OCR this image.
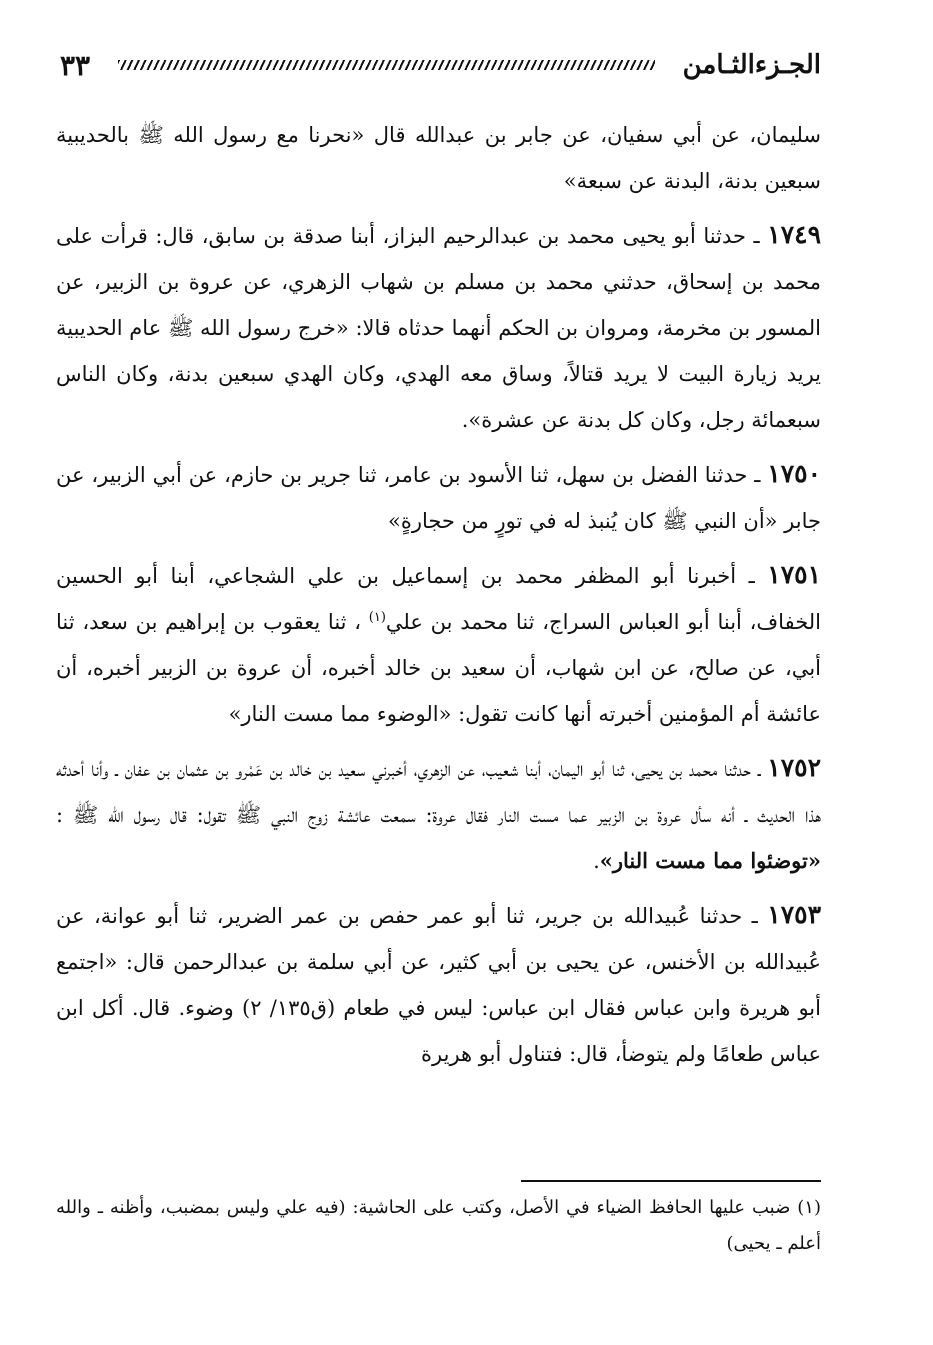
الجـزءالثـامن
٣٣

سليمان، عن أبي سفيان، عن جابر بن عبدالله قال «نحرنا مع رسول الله ﷺ بالحديبية سبعين بدنة، البدنة عن سبعة»

١٧٤٩ ـ حدثنا أبو يحيى محمد بن عبدالرحيم البزاز، أبنا صدقة بن سابق، قال: قرأت على محمد بن إسحاق، حدثني محمد بن مسلم بن شهاب الزهري، عن عروة بن الزبير، عن المسور بن مخرمة، ومروان بن الحكم أنهما حدثاه قالا: «خرج رسول الله ﷺ عام الحديبية يريد زيارة البيت لا يريد قتالاً، وساق معه الهدي، وكان الهدي سبعين بدنة، وكان الناس سبعمائة رجل، وكان كل بدنة عن عشرة».

١٧٥٠ ـ حدثنا الفضل بن سهل، ثنا الأسود بن عامر، ثنا جرير بن حازم، عن أبي الزبير، عن جابر «أن النبي ﷺ كان يُنبذ له في تورٍ من حجارةٍ»

١٧٥١ ـ أخبرنا أبو المظفر محمد بن إسماعيل بن علي الشجاعي، أبنا أبو الحسين الخفاف، أبنا أبو العباس السراج، ثنا محمد بن علي$^{(١)}$ ، ثنا يعقوب بن إبراهيم بن سعد، ثنا أبي، عن صالح، عن ابن شهاب، أن سعيد بن خالد أخبره، أن عروة بن الزبير أخبره، أن عائشة أم المؤمنين أخبرته أنها كانت تقول: «الوضوء مما مست النار»

١٧٥٢ ـ حدثنا محمد بن يحيى، ثنا أبو اليمان، أبنا شعيب، عن الزهري، أخبرني سعيد بن خالد بن عَمْرو بن عثمان بن عفان ـ وأنا أحدثه هذا الحديث ـ أنه سأل عروة بن الزبير عما مست النار فقال عروة: سمعت عائشة زوج النبي ﷺ تقول: قال رسول الله ﷺ : «توضئوا مما مست النار».

١٧٥٣ ـ حدثنا عُبيدالله بن جرير، ثنا أبو عمر حفص بن عمر الضرير، ثنا أبو عوانة، عن عُبيدالله بن الأخنس، عن يحيى بن أبي كثير، عن أبي سلمة بن عبدالرحمن قال: «اجتمع أبو هريرة وابن عباس فقال ابن عباس: ليس في طعام (ق١٣٥/ ٢) وضوء. قال. أكل ابن عباس طعامًا ولم يتوضأ، قال: فتناول أبو هريرة

(١) ضبب عليها الحافظ الضياء في الأصل، وكتب على الحاشية: (فيه علي وليس بمضبب، وأظنه ـ والله أعلم ـ يحيى)
